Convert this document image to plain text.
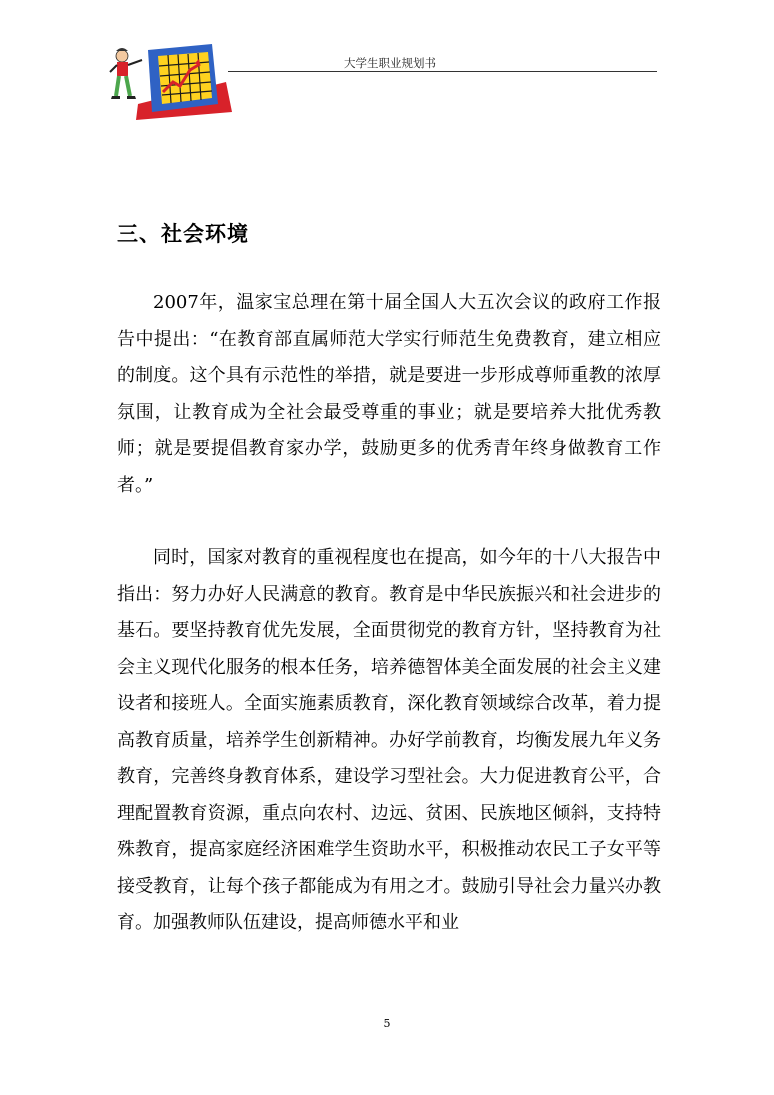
大学生职业规划书
三、社会环境

2007年，温家宝总理在第十届全国人大五次会议的政府工作报告中提出：“在教育部直属师范大学实行师范生免费教育，建立相应的制度。这个具有示范性的举措，就是要进一步形成尊师重教的浓厚氛围，让教育成为全社会最受尊重的事业；就是要培养大批优秀教师；就是要提倡教育家办学，鼓励更多的优秀青年终身做教育工作者。”

同时，国家对教育的重视程度也在提高，如今年的十八大报告中指出：努力办好人民满意的教育。教育是中华民族振兴和社会进步的基石。要坚持教育优先发展，全面贯彻党的教育方针，坚持教育为社会主义现代化服务的根本任务，培养德智体美全面发展的社会主义建设者和接班人。全面实施素质教育，深化教育领域综合改革，着力提高教育质量，培养学生创新精神。办好学前教育，均衡发展九年义务教育，完善终身教育体系，建设学习型社会。大力促进教育公平，合理配置教育资源，重点向农村、边远、贫困、民族地区倾斜，支持特殊教育，提高家庭经济困难学生资助水平，积极推动农民工子女平等接受教育，让每个孩子都能成为有用之才。鼓励引导社会力量兴办教育。加强教师队伍建设，提高师德水平和业

5
